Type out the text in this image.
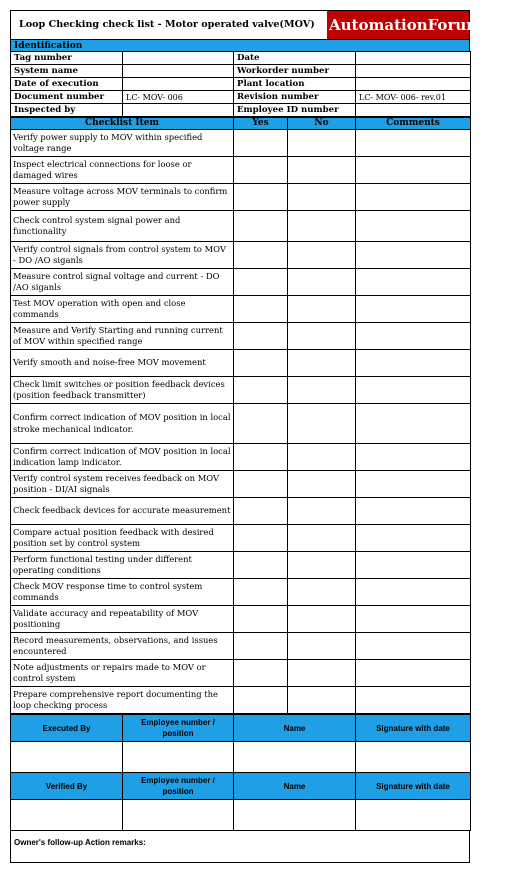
Loop Checking check list - Motor operated valve(MOV) AutomationForum.Co
Identification
Tag number		Date	
System name		Workorder number	
Date of execution		Plant location	
Document number	LC- MOV- 006	Revision number	LC- MOV- 006- rev.01
Inspected by		Employee ID number	
Checklist Item	Yes	No	Comments
Verify power supply to MOV within specified voltage range			
Inspect electrical connections for loose or damaged wires			
Measure voltage across MOV terminals to confirm power supply			
Check control system signal power and functionality			
Verify control signals from control system to MOV - DO /AO siganls			
Measure control signal voltage and current - DO /AO siganls			
Test MOV operation with open and close commands			
Measure and Verify Starting and running current of MOV within specified range			
Verify smooth and noise-free MOV movement			
Check limit switches or position feedback devices (position feedback transmitter)			
Confirm correct indication of MOV position in local stroke mechanical indicator.			
Confirm correct indication of MOV position in local indication lamp indicator.			
Verify control system receives feedback on MOV position - DI/AI signals			
Check feedback devices for accurate measurement			
Compare actual position feedback with desired position set by control system			
Perform functional testing under different operating conditions			
Check MOV response time to control system commands			
Validate accuracy and repeatability of MOV positioning			
Record measurements, observations, and issues encountered			
Note adjustments or repairs made to MOV or control system			
Prepare comprehensive report documenting the loop checking process			
Executed By	Employee number / position	Name	Signature with date

Verified By	Employee number / position	Name	Signature with date

Owner's follow-up Action remarks:
